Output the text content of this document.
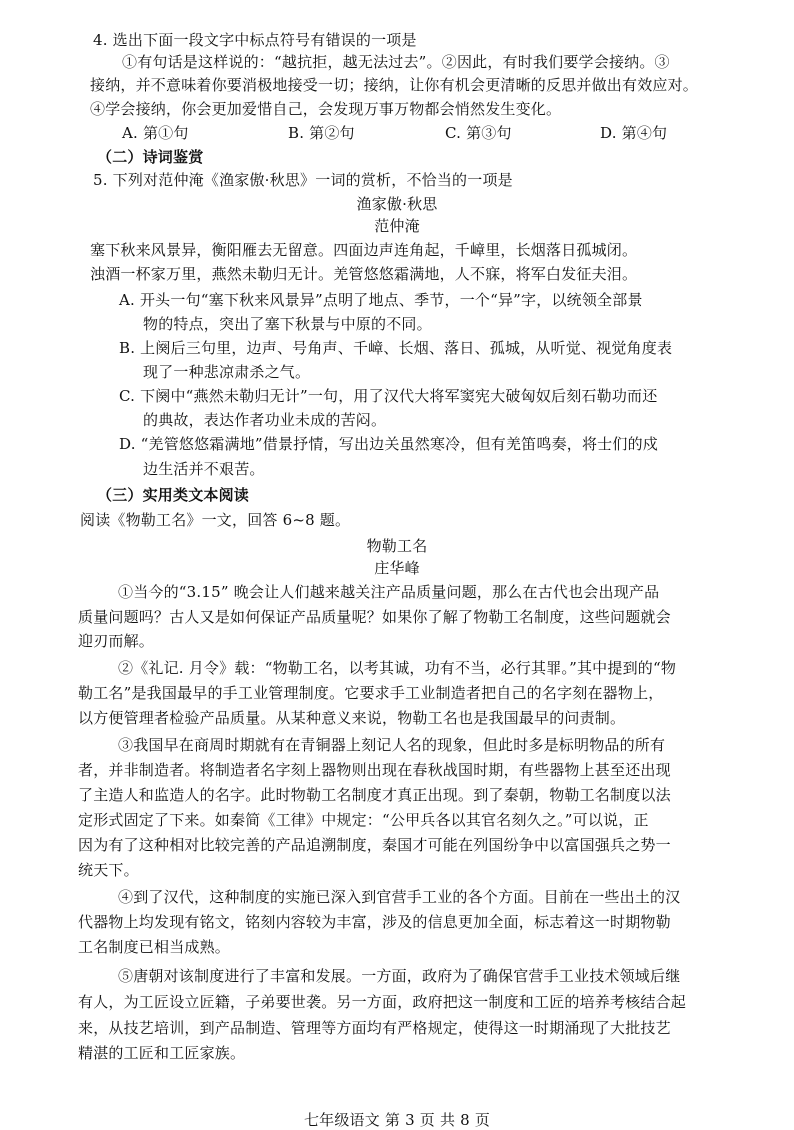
4. 选出下面一段文字中标点符号有错误的一项是
①有句话是这样说的：“越抗拒，越无法过去”。②因此，有时我们要学会接纳。③
接纳，并不意味着你要消极地接受一切；接纳，让你有机会更清晰的反思并做出有效应对。
④学会接纳，你会更加爱惜自己，会发现万事万物都会悄然发生变化。
A. 第①句	B. 第②句	C. 第③句	D. 第④句
（二）诗词鉴赏
5. 下列对范仲淹《渔家傲·秋思》一词的赏析，不恰当的一项是
渔家傲·秋思
范仲淹
塞下秋来风景异，衡阳雁去无留意。四面边声连角起，千嶂里，长烟落日孤城闭。
浊酒一杯家万里，燕然未勒归无计。羌管悠悠霜满地，人不寐，将军白发征夫泪。
A. 开头一句“塞下秋来风景异”点明了地点、季节，一个“异”字，以统领全部景
物的特点，突出了塞下秋景与中原的不同。
B. 上阕后三句里，边声、号角声、千嶂、长烟、落日、孤城，从听觉、视觉角度表
现了一种悲凉肃杀之气。
C. 下阕中“燕然未勒归无计”一句，用了汉代大将军窦宪大破匈奴后刻石勒功而还
的典故，表达作者功业未成的苦闷。
D. “羌管悠悠霜满地”借景抒情，写出边关虽然寒冷，但有羌笛鸣奏，将士们的戍
边生活并不艰苦。
（三）实用类文本阅读
阅读《物勒工名》一文，回答 6~8 题。
物勒工名
庄华峰
①当今的“3.15” 晚会让人们越来越关注产品质量问题，那么在古代也会出现产品
质量问题吗？古人又是如何保证产品质量呢？如果你了解了物勒工名制度，这些问题就会
迎刃而解。
②《礼记. 月令》载：“物勒工名，以考其诚，功有不当，必行其罪。”其中提到的“物
勒工名”是我国最早的手工业管理制度。它要求手工业制造者把自己的名字刻在器物上，
以方便管理者检验产品质量。从某种意义来说，物勒工名也是我国最早的问责制。
③我国早在商周时期就有在青铜器上刻记人名的现象，但此时多是标明物品的所有
者，并非制造者。将制造者名字刻上器物则出现在春秋战国时期，有些器物上甚至还出现
了主造人和监造人的名字。此时物勒工名制度才真正出现。到了秦朝，物勒工名制度以法
定形式固定了下来。如秦简《工律》中规定：“公甲兵各以其官名刻久之。”可以说，正
因为有了这种相对比较完善的产品追溯制度，秦国才可能在列国纷争中以富国强兵之势一
统天下。
④到了汉代，这种制度的实施已深入到官营手工业的各个方面。目前在一些出土的汉
代器物上均发现有铭文，铭刻内容较为丰富，涉及的信息更加全面，标志着这一时期物勒
工名制度已相当成熟。
⑤唐朝对该制度进行了丰富和发展。一方面，政府为了确保官营手工业技术领域后继
有人，为工匠设立匠籍，子弟要世袭。另一方面，政府把这一制度和工匠的培养考核结合起
来，从技艺培训，到产品制造、管理等方面均有严格规定，使得这一时期涌现了大批技艺
精湛的工匠和工匠家族。
七年级语文 第 3 页 共 8 页
